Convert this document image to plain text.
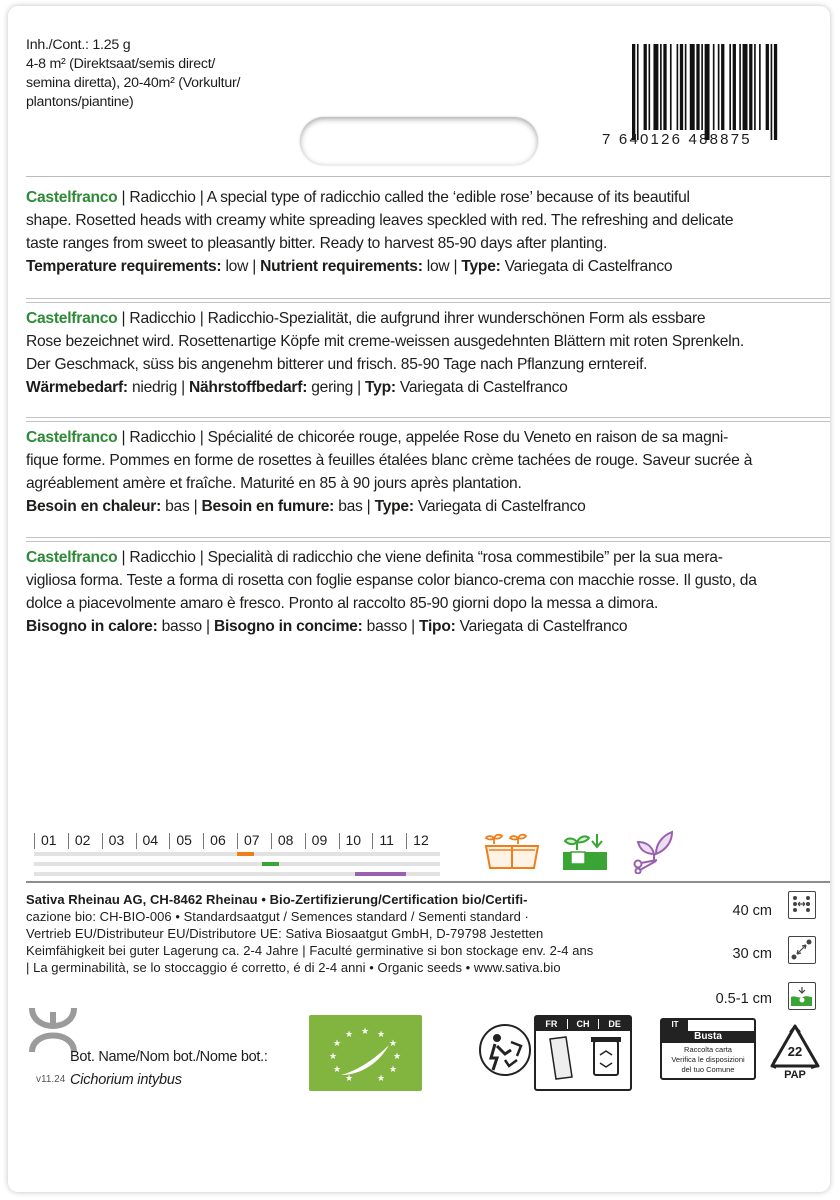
Inh./Cont.: 1.25 g

4-8 m² (Direktsaat/semis direct/

semina diretta), 20-40m² (Vorkultur/

plantons/piantine)

7 640126 488875

Castelfranco | Radicchio | A special type of radicchio called the ‘edible rose’ because of its beautiful

shape. Rosetted heads with creamy white spreading leaves speckled with red. The refreshing and delicate

taste ranges from sweet to pleasantly bitter. Ready to harvest 85-90 days after planting.

Temperature requirements: low | Nutrient requirements: low | Type: Variegata di Castelfranco

Castelfranco | Radicchio | Radicchio-Spezialität, die aufgrund ihrer wunderschönen Form als essbare

Rose bezeichnet wird. Rosettenartige Köpfe mit creme-weissen ausgedehnten Blättern mit roten Sprenkeln.

Der Geschmack, süss bis angenehm bitterer und frisch. 85-90 Tage nach Pflanzung erntereif.

Wärmebedarf: niedrig | Nährstoffbedarf: gering | Typ: Variegata di Castelfranco

Castelfranco | Radicchio | Spécialité de chicorée rouge, appelée Rose du Veneto en raison de sa magni-

fique forme. Pommes en forme de rosettes à feuilles étalées blanc crème tachées de rouge. Saveur sucrée à

agréablement amère et fraîche. Maturité en 85 à 90 jours après plantation.

Besoin en chaleur: bas | Besoin en fumure: bas | Type: Variegata di Castelfranco

Castelfranco | Radicchio | Specialità di radicchio che viene definita “rosa commestibile” per la sua mera-

vigliosa forma. Teste a forma di rosetta con foglie espanse color bianco-crema con macchie rosse. Il gusto, da

dolce a piacevolmente amaro è fresco. Pronto al raccolto 85-90 giorni dopo la messa a dimora.

Bisogno in calore: basso | Bisogno in concime: basso | Tipo: Variegata di Castelfranco

01 02 03 04 05 06 07 08 09 10 11 12

Sativa Rheinau AG, CH-8462 Rheinau • Bio-Zertifizierung/Certification bio/Certifi-

cazione bio: CH-BIO-006 • Standardsaatgut / Semences standard / Sementi standard ·

Vertrieb EU/Distributeur EU/Distributore UE: Sativa Biosaatgut GmbH, D-79798 Jestetten

Keimfähigkeit bei guter Lagerung ca. 2-4 Jahre | Faculté germinative si bon stockage env. 2-4 ans

| La germinabilità, se lo stoccaggio é corretto, é di 2-4 anni • Organic seeds • www.sativa.bio

40 cm
30 cm
0.5-1 cm
v11.24
Bot. Name/Nom bot./Nome bot.:
Cichorium intybus
★ ★
★
★
★
★	★
★	★
★	★
FR	CH	DE	IT
Busta
Raccolta carta
Verifica le disposizioni
del tuo Comune
22
PAP
